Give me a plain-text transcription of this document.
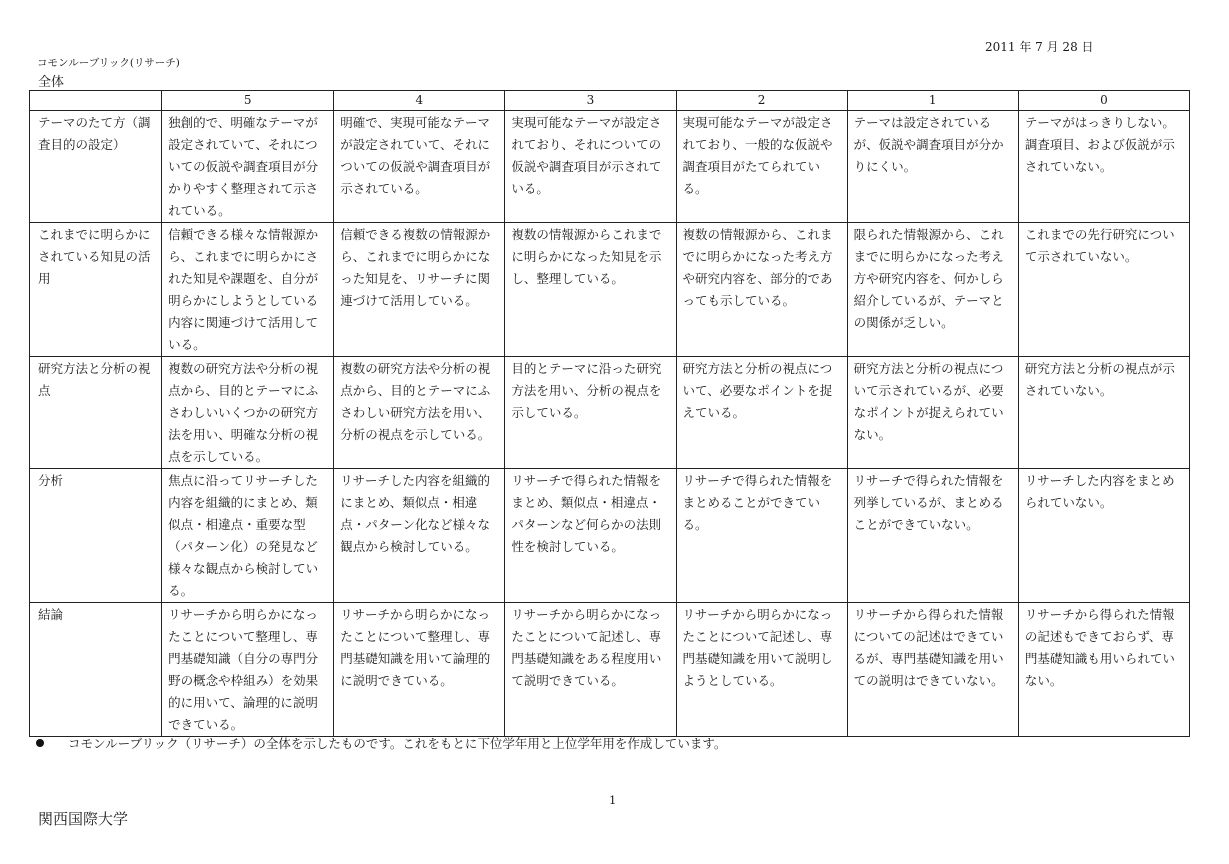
2011 年 7 月 28 日
コモンルーブリック(リサーチ)
全体
	5	4	3	2	1	0
テーマのたて方（調査目的の設定）	独創的で、明確なテーマが設定されていて、それについての仮説や調査項目が分かりやすく整理されて示されている。	明確で、実現可能なテーマが設定されていて、それについての仮説や調査項目が示されている。	実現可能なテーマが設定されており、それについての仮説や調査項目が示されている。	実現可能なテーマが設定されており、一般的な仮説や調査項目がたてられている。	テーマは設定されているが、仮説や調査項目が分かりにくい。	テーマがはっきりしない。調査項目、および仮説が示されていない。
これまでに明らかにされている知見の活用	信頼できる様々な情報源から、これまでに明らかにされた知見や課題を、自分が明らかにしようとしている内容に関連づけて活用している。	信頼できる複数の情報源から、これまでに明らかになった知見を、リサーチに関連づけて活用している。	複数の情報源からこれまでに明らかになった知見を示し、整理している。	複数の情報源から、これまでに明らかになった考え方や研究内容を、部分的であっても示している。	限られた情報源から、これまでに明らかになった考え方や研究内容を、何かしら紹介しているが、テーマとの関係が乏しい。	これまでの先行研究について示されていない。
研究方法と分析の視点	複数の研究方法や分析の視点から、目的とテーマにふさわしいいくつかの研究方法を用い、明確な分析の視点を示している。	複数の研究方法や分析の視点から、目的とテーマにふさわしい研究方法を用い、分析の視点を示している。	目的とテーマに沿った研究方法を用い、分析の視点を示している。	研究方法と分析の視点について、必要なポイントを捉えている。	研究方法と分析の視点について示されているが、必要なポイントが捉えられていない。	研究方法と分析の視点が示されていない。
分析	焦点に沿ってリサーチした内容を組織的にまとめ、類似点・相違点・重要な型（パターン化）の発見など様々な観点から検討している。	リサーチした内容を組織的にまとめ、類似点・相違点・パターン化など様々な観点から検討している。	リサーチで得られた情報をまとめ、類似点・相違点・パターンなど何らかの法則性を検討している。	リサーチで得られた情報をまとめることができている。	リサーチで得られた情報を列挙しているが、まとめることができていない。	リサーチした内容をまとめられていない。
結論	リサーチから明らかになったことについて整理し、専門基礎知識（自分の専門分野の概念や枠組み）を効果的に用いて、論理的に説明できている。	リサーチから明らかになったことについて整理し、専門基礎知識を用いて論理的に説明できている。	リサーチから明らかになったことについて記述し、専門基礎知識をある程度用いて説明できている。	リサーチから明らかになったことについて記述し、専門基礎知識を用いて説明しようとしている。	リサーチから得られた情報についての記述はできているが、専門基礎知識を用いての説明はできていない。	リサーチから得られた情報の記述もできておらず、専門基礎知識も用いられていない。
コモンルーブリック（リサーチ）の全体を示したものです。これをもとに下位学年用と上位学年用を作成しています。
1
関西国際大学
